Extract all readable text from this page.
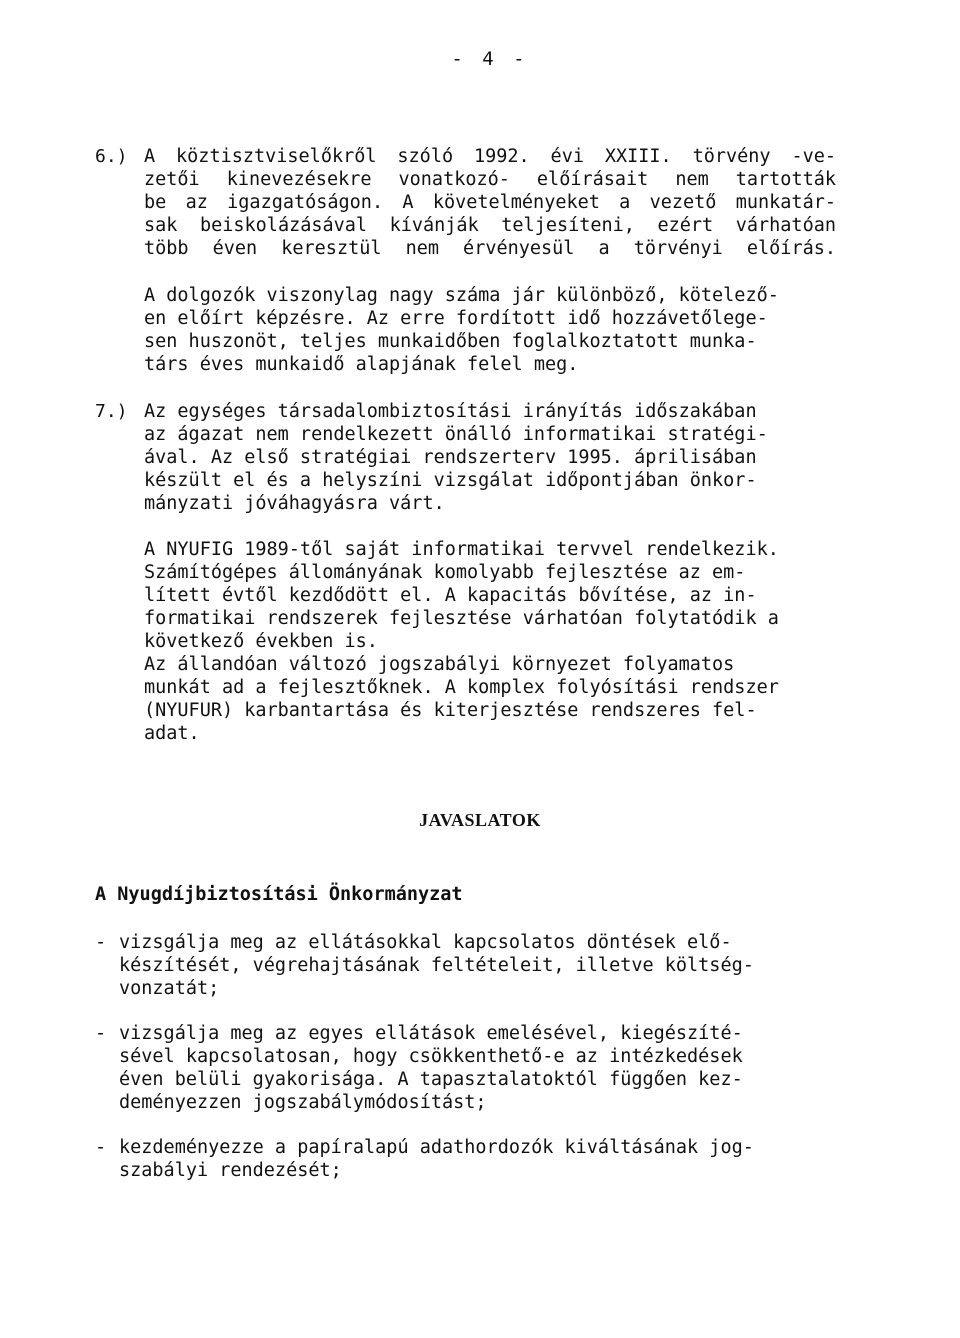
- 4 -
6.) A köztisztviselőkről szóló 1992. évi XXIII. törvény -ve-
zetői kinevezésekre vonatkozó- előírásait nem tartották
be az igazgatóságon. A követelményeket a vezető munkatár-
sak beiskolázásával kívánják teljesíteni, ezért várhatóan
több éven keresztül nem érvényesül a törvényi előírás.
A dolgozók viszonylag nagy száma jár különböző, kötelező-
en előírt képzésre. Az erre fordított idő hozzávetőlege-
sen huszonöt, teljes munkaidőben foglalkoztatott munka-
társ éves munkaidő alapjának felel meg.
7.) Az egységes társadalombiztosítási irányítás időszakában
az ágazat nem rendelkezett önálló informatikai stratégi-
ával. Az első stratégiai rendszerterv 1995. áprilisában
készült el és a helyszíni vizsgálat időpontjában önkor-
mányzati jóváhagyásra várt.
A NYUFIG 1989-től saját informatikai tervvel rendelkezik.
Számítógépes állományának komolyabb fejlesztése az em-
lített évtől kezdődött el. A kapacitás bővítése, az in-
formatikai rendszerek fejlesztése várhatóan folytatódik a
következő években is.
Az állandóan változó jogszabályi környezet folyamatos
munkát ad a fejlesztőknek. A komplex folyósítási rendszer
(NYUFUR) karbantartása és kiterjesztése rendszeres fel-
adat.
JAVASLATOK
A Nyugdíjbiztosítási Önkormányzat
- vizsgálja meg az ellátásokkal kapcsolatos döntések elő-
készítését, végrehajtásának feltételeit, illetve költség-
vonzatát;
- vizsgálja meg az egyes ellátások emelésével, kiegészíté-
sével kapcsolatosan, hogy csökkenthető-e az intézkedések
éven belüli gyakorisága. A tapasztalatoktól függően kez-
deményezzen jogszabálymódosítást;
- kezdeményezze a papíralapú adathordozók kiváltásának jog-
szabályi rendezését;
